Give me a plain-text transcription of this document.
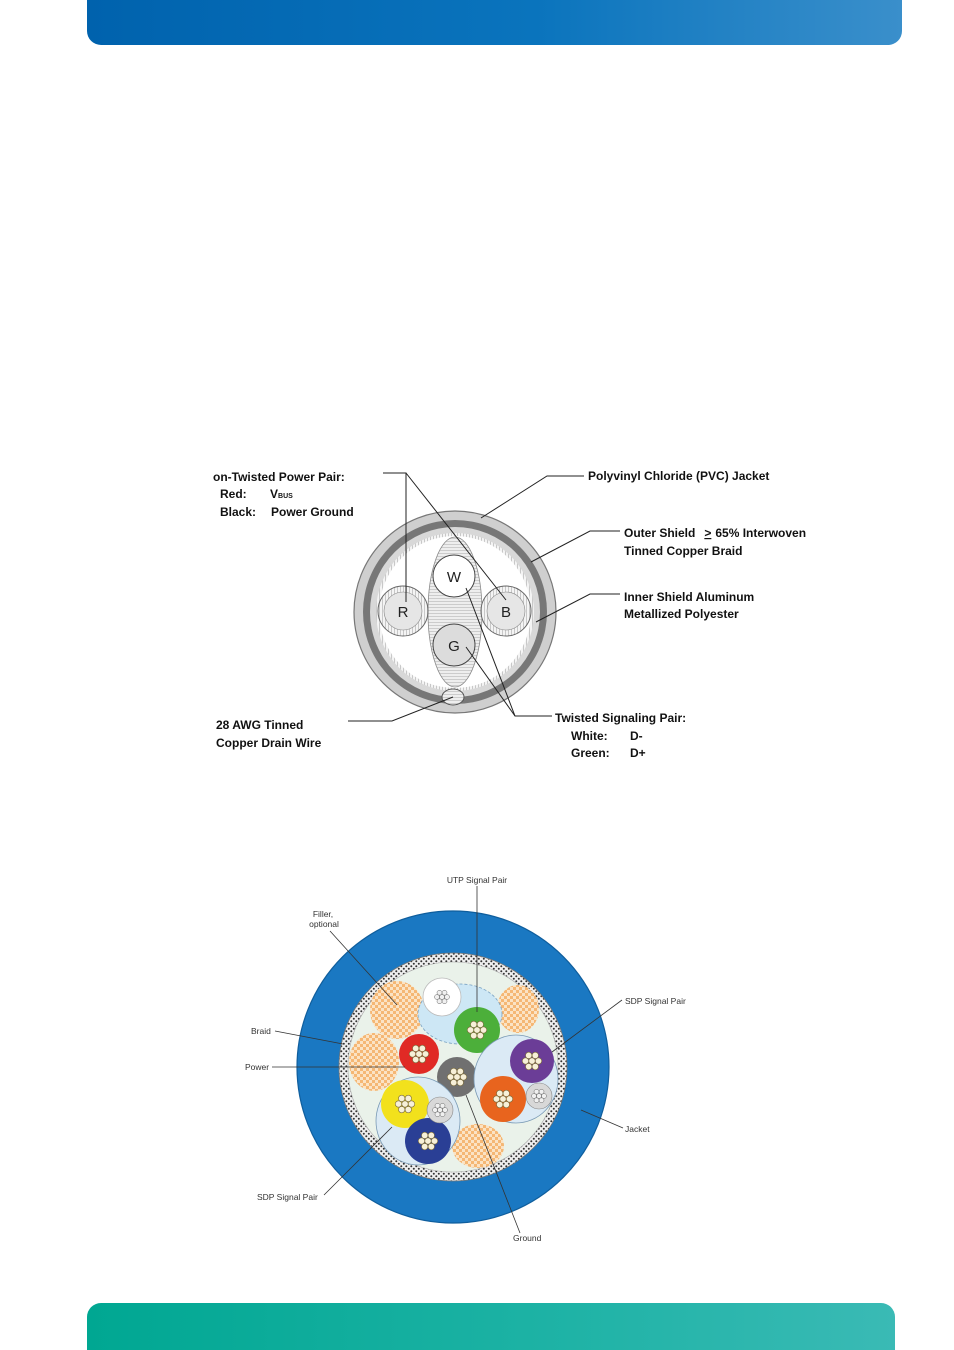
R	B
W
G
on-Twisted Power Pair:
Red: VBUS
Black: Power Ground
Polyvinyl Chloride (PVC) Jacket
Outer Shield > 65% Interwoven
Tinned Copper Braid
Inner Shield Aluminum
Metallized Polyester
28 AWG Tinned
Copper Drain Wire
Twisted Signaling Pair:
White: D-
Green: D+
UTP Signal Pair
Filler,
optional
SDP Signal Pair
Braid
Power
Jacket
SDP Signal Pair
Ground
